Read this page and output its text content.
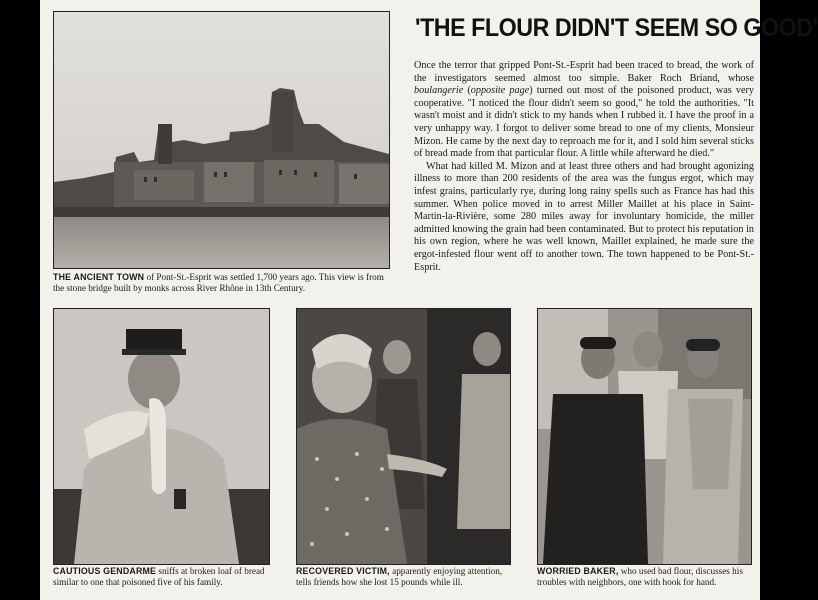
THE ANCIENT TOWN of Pont-St.-Esprit was settled 1,700 years ago. This view is from the stone bridge built by monks across River Rhône in 13th Century.
'THE FLOUR DIDN'T SEEM SO GOOD'

Once the terror that gripped Pont-St.-Esprit had been traced to bread, the work of the investigators seemed almost too simple. Baker Roch Briand, whose boulangerie (opposite page) turned out most of the poisoned product, was very cooperative. "I noticed the flour didn't seem so good," he told the authorities. "It wasn't moist and it didn't stick to my hands when I rubbed it. I have the proof in a very unhappy way. I forgot to deliver some bread to one of my clients, Monsieur Mizon. He came by the next day to reproach me for it, and I sold him several sticks of bread made from that particular flour. A little while afterward he died."

What had killed M. Mizon and at least three others and had brought agonizing illness to more than 200 residents of the area was the fungus ergot, which may infest grains, particularly rye, during long rainy spells such as France has had this summer. When police moved in to arrest Miller Maillet at his place in Saint-Martin-la-Rivière, some 280 miles away for involuntary homicide, the miller admitted knowing the grain had been contaminated. But to protect his reputation in his own region, where he was well known, Maillet explained, he made sure the ergot-infested flour went off to another town. The town happened to be Pont-St.-Esprit.

CAUTIOUS GENDARME sniffs at broken loaf of bread similar to one that poisoned five of his family.
RECOVERED VICTIM, apparently enjoying attention, tells friends how she lost 15 pounds while ill.
WORRIED BAKER, who used bad flour, discusses his troubles with neighbors, one with hook for hand.
